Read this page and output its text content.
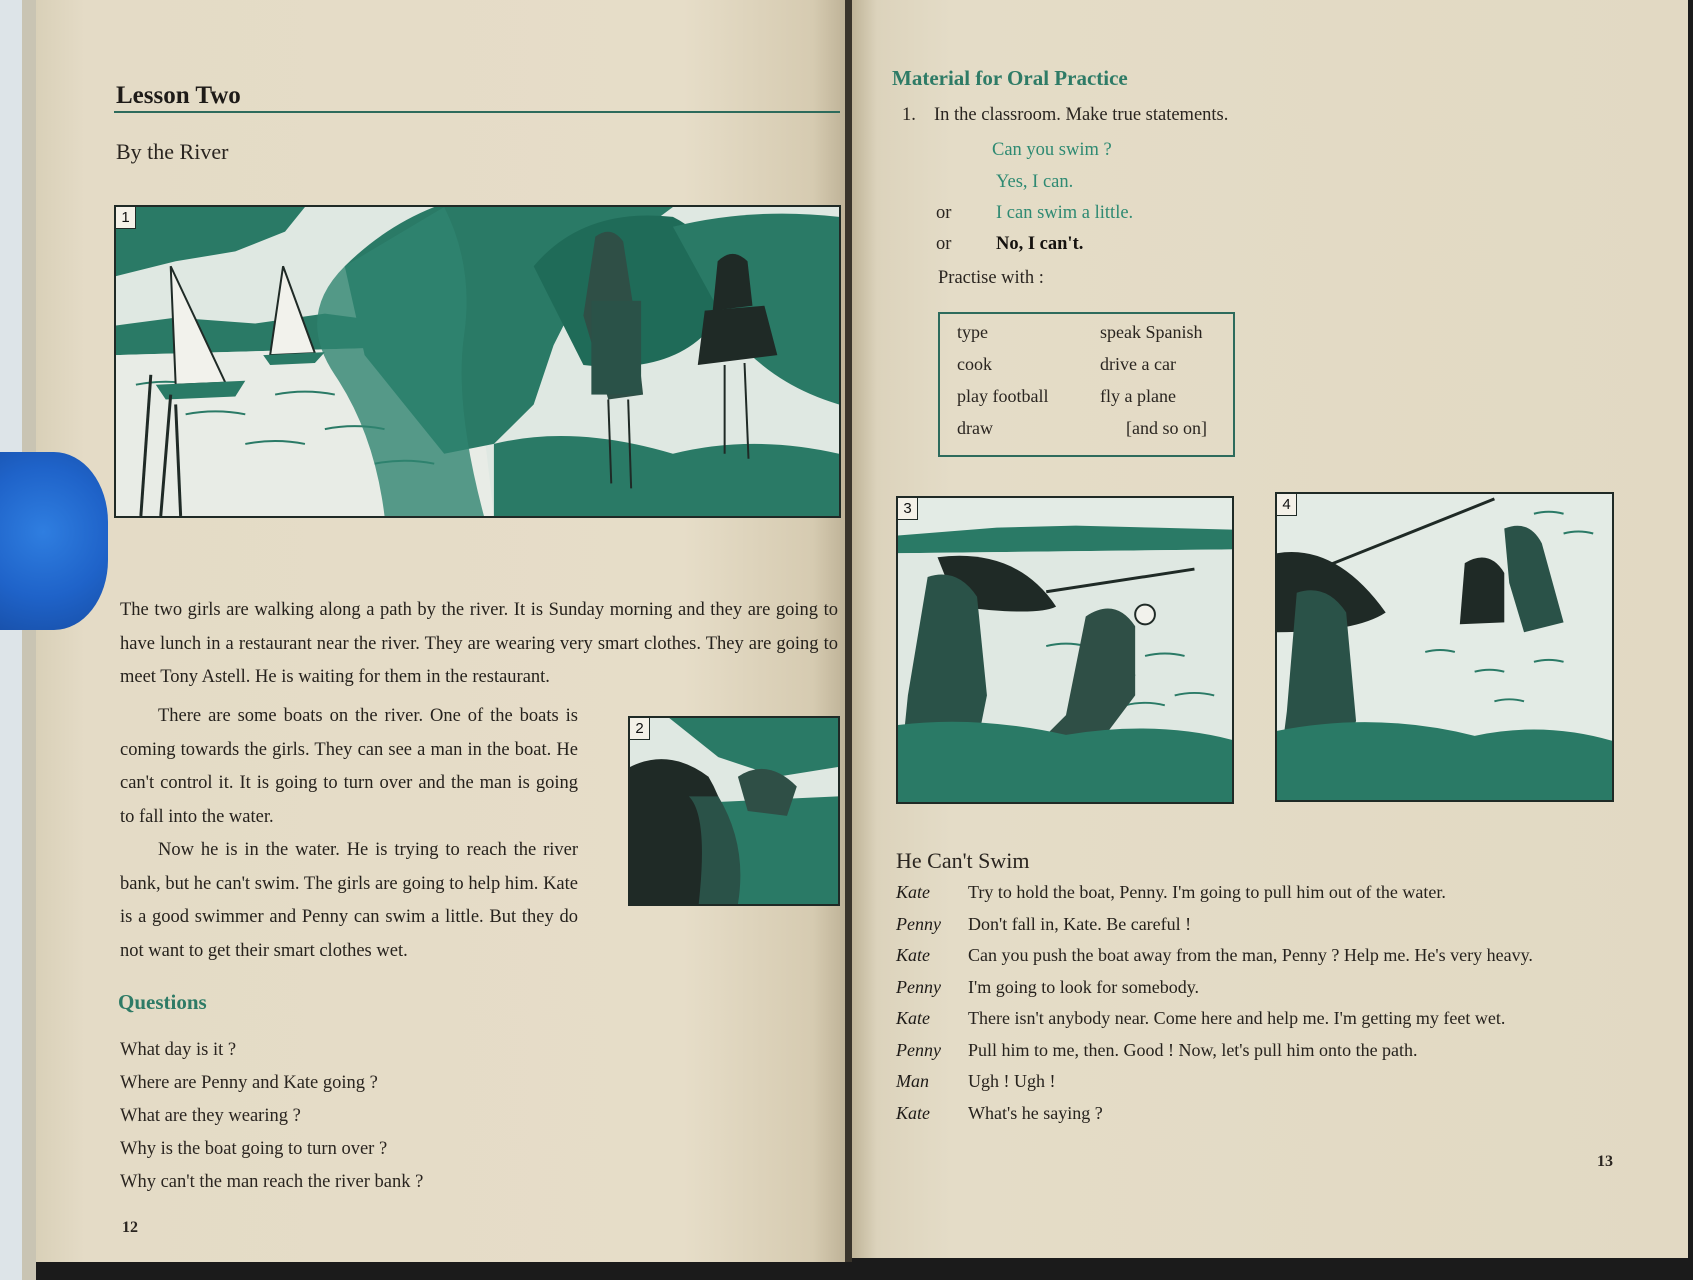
Lesson Two
By the River
1

The two girls are walking along a path by the river. It is Sunday morning and they are going to have lunch in a restaurant near the river. They are wearing very smart clothes. They are going to meet Tony Astell. He is waiting for them in the restaurant.

There are some boats on the river. One of the boats is coming towards the girls. They can see a man in the boat. He can't control it. It is going to turn over and the man is going to fall into the water.

Now he is in the water. He is trying to reach the river bank, but he can't swim. The girls are going to help him. Kate is a good swimmer and Penny can swim a little. But they do not want to get their smart clothes wet.

2
Questions
What day is it ?
Where are Penny and Kate going ?
What are they wearing ?
Why is the boat going to turn over ?
Why can't the man reach the river bank ?
12
Material for Oral Practice
1. In the classroom. Make true statements.
Can you swim ?
Yes, I can.
or I can swim a little.
or No, I can't.
Practise with :
type
cook
play football
draw
speak Spanish
drive a car
fly a plane
[and so on]
3	4
He Can't Swim
Kate Try to hold the boat, Penny. I'm going to pull him out of the water.
Penny Don't fall in, Kate. Be careful !
Kate Can you push the boat away from the man, Penny ? Help me. He's very heavy.
Penny I'm going to look for somebody.
Kate There isn't anybody near. Come here and help me. I'm getting my feet wet.
Penny Pull him to me, then. Good ! Now, let's pull him onto the path.
Man Ugh ! Ugh !
Kate What's he saying ?
13
